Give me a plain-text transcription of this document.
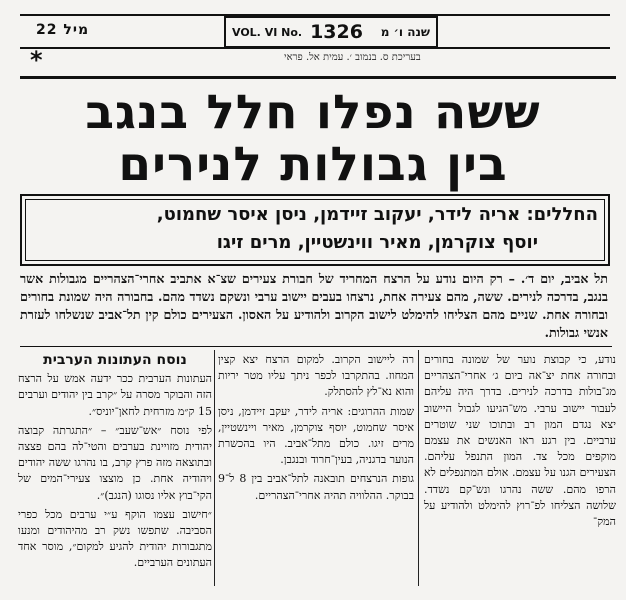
22 מיל	VOL. VI No. 1326 שנה ו׳ מ
בעריכת ס. בנמוב ׳. עמית אל. פראי
*
ששה נפלו חלל בנגב
בין גבולות לנירים
החללים: אריה לידר, יעקוב זיידמן, ניסן איסר שחמוט,
יוסף צוקרמן, מאיר ווינשטיין, מרים זיגו
תל אביב, יום ד׳. – רק היום נודע על הרצח המחריד של חבורת צעירים שצ־א אתביב אחרי־הצהריים מגבולות אשר בנגב, בדרכה לנירים. ששה, מהם צעירה אחת, נרצחו בעבים יישוב ערבי ונשקם נשדד מהם. בחבורה היה שמונת בחורים ובחורה אחת. שניים מהם הצליחו להימלט לישוב הקרוב ולהודיע על האסון. הצעירים כולם קין תל־אביב שנשלחו לעזרת אנשי גבולות.

נודע, כי קבוצת נוער של שמונה בחורים ובחורה אחת יצ־אה ביום ג׳ אחרי־הצהריים מג־בולות בדרכה לנירים. בדרך היה עליהם לעבור יישוב ערבי. מש־הגיעו לגבול היישוב יצא נגדם המון רב ובתוכו שני שוטרים ערביים. בין רגע ראו האנשים את עצמם מוקפים מכל צד. המון התנפל עליהם. הצעירים הגנו על עצמם. אולם המתנפלים לא הרפו מהם. ששה נהרגו ונש־קם נשדד. שלושה הצליחו לפ־רוץ להימלט ולהודיע על המק־

רה ליישוב הקרוב. למקום הרצח יצא קצין המחוז. בהתקרבו לכפר ניתך עליו מטר יריות והוא נא־לץ להסתלק.

שמות ההרוגים: אריה לידר, יעקב זיידמן, ניסן איסר שחמוט, יוסף צוקרמן, מאיר ויינשטיין, מרים זיגו. כולם מתל־אביב. היו בהכשרת הנוער בדגניה, בעין־חרוד ובנגבן.

גופות הנרצחים תובאנה לתל־אביב בין 8 ל־9 בבוקר. ההלוויה תהיה אחרי־הצהריים.

נוסח העתונות הערבית

העתונות הערבית ככר ידעה אמש על הרצח הזה והבוקר מסרה על ״קרב בין יהודים וערבים 15 ק״מ מזרחית לחאן־יוניס״.

לפי נוסח ״אש־שעב״ – ״התגרתה קבוצה יהודית מזויינת בערבים והטי־לה בהם פצצה ובתוצאה מזה פרץ קרב, בו נהרגו ששה יהודים ויהודיה אחת. כן מוצצו צעירי־המים של הקי־בוץ אליו נסוגו (הנגב)״.

״חישוב עצמו הוקף ע״י ערבים מכל כפרי הסביבה. שתפשו נשק רב מהיהודים ומנעו מתגבורות יהודית להגיע למקום״, מוסר אחד העתונים הערביים.
